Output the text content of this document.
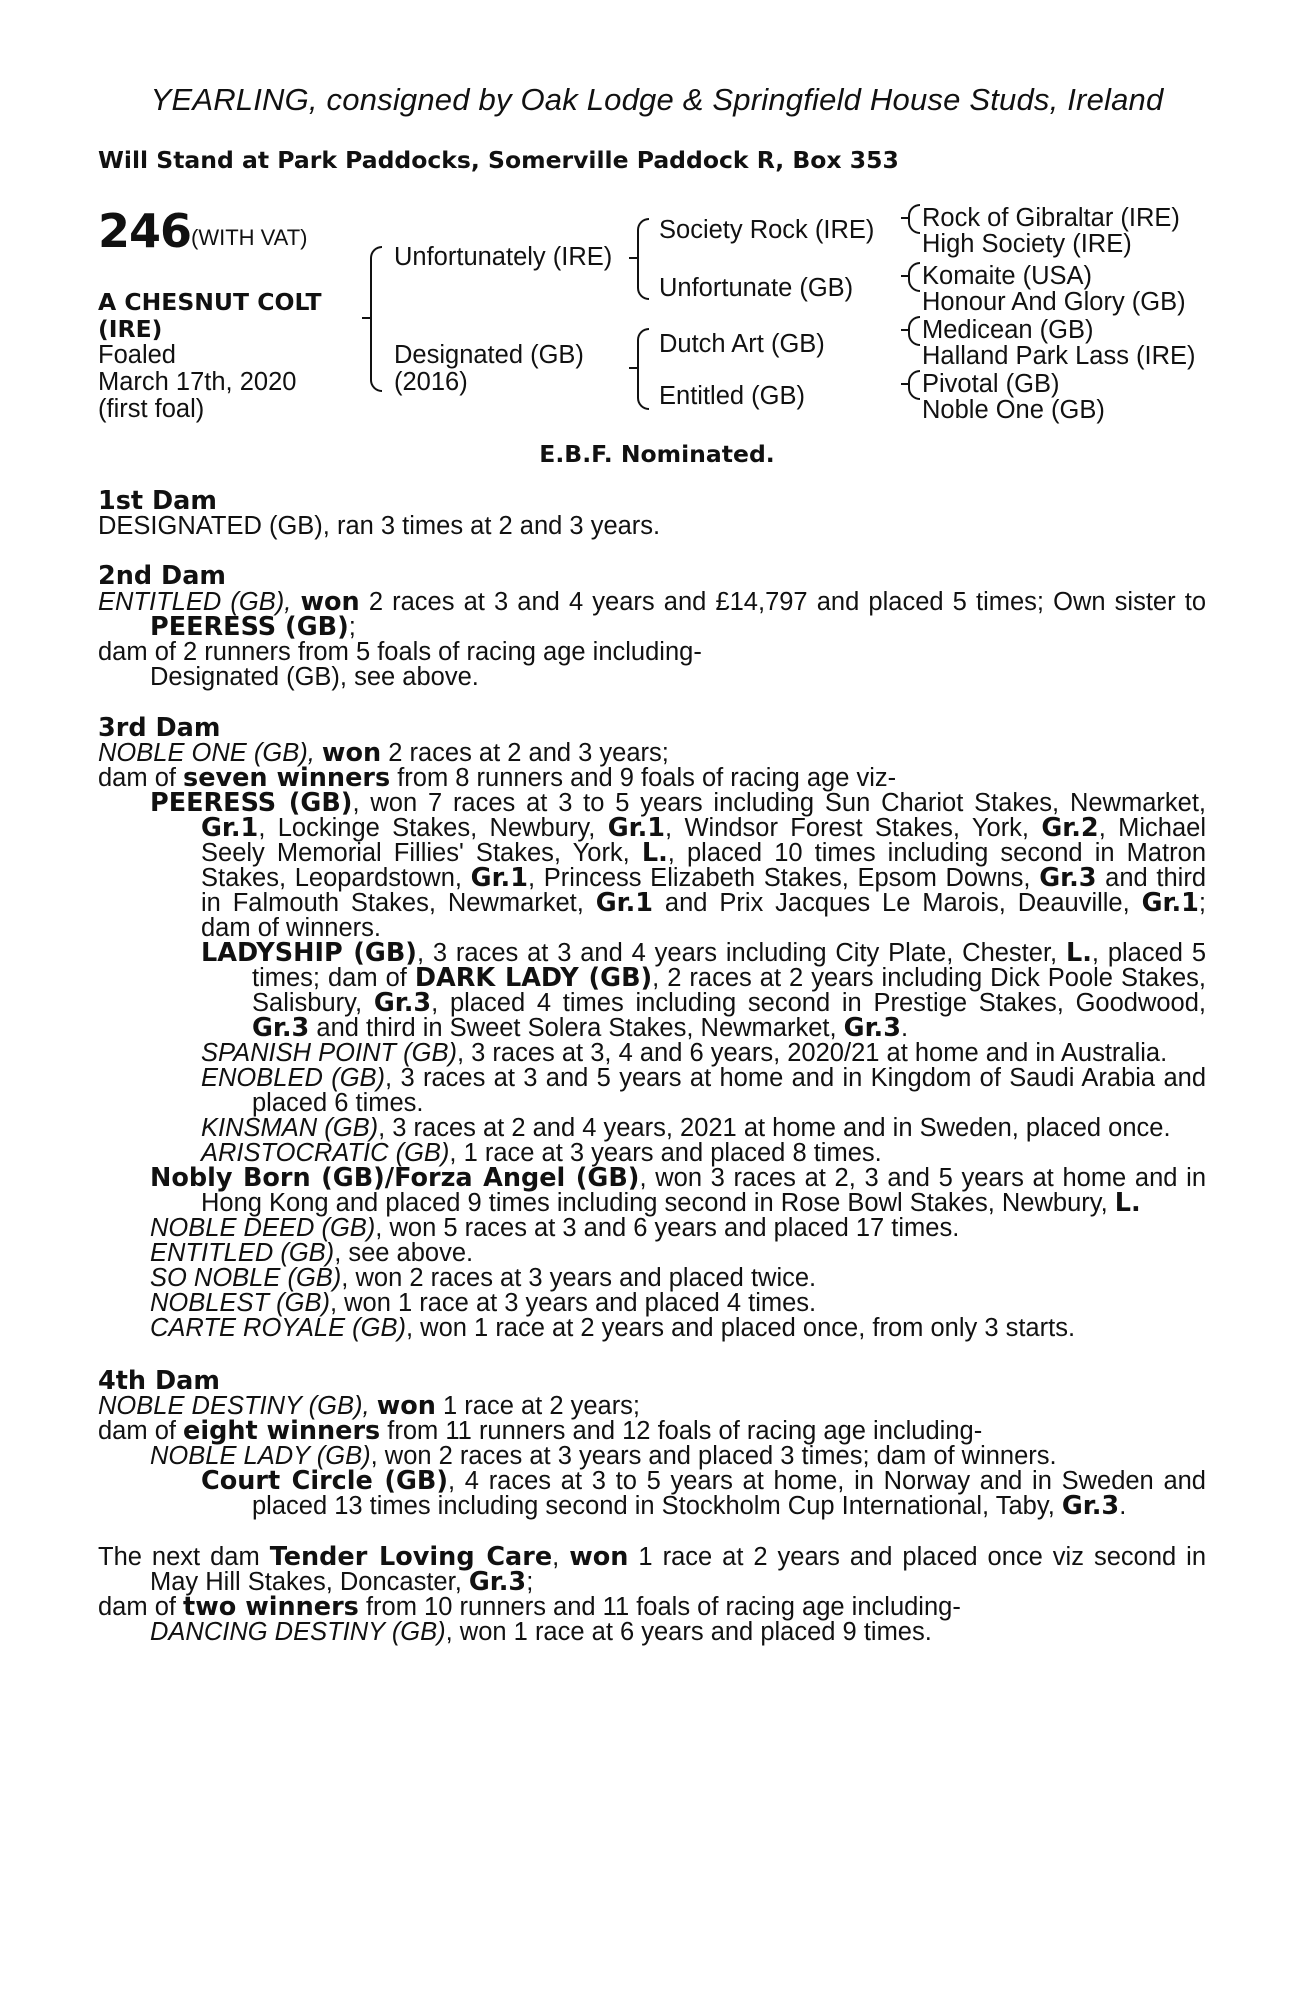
YEARLING, consigned by Oak Lodge & Springfield House Studs, Ireland
Will Stand at Park Paddocks, Somerville Paddock R, Box 353
246 (WITH VAT)
A CHESNUT COLT
(IRE)
Foaled
March 17th, 2020
(first foal)
Unfortunately (IRE)
Designated (GB)
(2016)
Society Rock (IRE)
Unfortunate (GB)
Dutch Art (GB)
Entitled (GB)
Rock of Gibraltar (IRE)
High Society (IRE)
Komaite (USA)
Honour And Glory (GB)
Medicean (GB)
Halland Park Lass (IRE)
Pivotal (GB)
Noble One (GB)
E.B.F. Nominated.
1st Dam
DESIGNATED (GB), ran 3 times at 2 and 3 years.
2nd Dam
ENTITLED (GB), won 2 races at 3 and 4 years and £14,797 and placed 5 times; Own sister to
PEERESS (GB);
dam of 2 runners from 5 foals of racing age including-
Designated (GB), see above.
3rd Dam
NOBLE ONE (GB), won 2 races at 2 and 3 years;
dam of seven winners from 8 runners and 9 foals of racing age viz-
PEERESS (GB), won 7 races at 3 to 5 years including Sun Chariot Stakes, Newmarket,
Gr.1, Lockinge Stakes, Newbury, Gr.1, Windsor Forest Stakes, York, Gr.2, Michael
Seely Memorial Fillies' Stakes, York, L., placed 10 times including second in Matron
Stakes, Leopardstown, Gr.1, Princess Elizabeth Stakes, Epsom Downs, Gr.3 and third
in Falmouth Stakes, Newmarket, Gr.1 and Prix Jacques Le Marois, Deauville, Gr.1;
dam of winners.
LADYSHIP (GB), 3 races at 3 and 4 years including City Plate, Chester, L., placed 5
times; dam of DARK LADY (GB), 2 races at 2 years including Dick Poole Stakes,
Salisbury, Gr.3, placed 4 times including second in Prestige Stakes, Goodwood,
Gr.3 and third in Sweet Solera Stakes, Newmarket, Gr.3.
SPANISH POINT (GB), 3 races at 3, 4 and 6 years, 2020/21 at home and in Australia.
ENOBLED (GB), 3 races at 3 and 5 years at home and in Kingdom of Saudi Arabia and
placed 6 times.
KINSMAN (GB), 3 races at 2 and 4 years, 2021 at home and in Sweden, placed once.
ARISTOCRATIC (GB), 1 race at 3 years and placed 8 times.
Nobly Born (GB)/Forza Angel (GB), won 3 races at 2, 3 and 5 years at home and in
Hong Kong and placed 9 times including second in Rose Bowl Stakes, Newbury, L.
NOBLE DEED (GB), won 5 races at 3 and 6 years and placed 17 times.
ENTITLED (GB), see above.
SO NOBLE (GB), won 2 races at 3 years and placed twice.
NOBLEST (GB), won 1 race at 3 years and placed 4 times.
CARTE ROYALE (GB), won 1 race at 2 years and placed once, from only 3 starts.
4th Dam
NOBLE DESTINY (GB), won 1 race at 2 years;
dam of eight winners from 11 runners and 12 foals of racing age including-
NOBLE LADY (GB), won 2 races at 3 years and placed 3 times; dam of winners.
Court Circle (GB), 4 races at 3 to 5 years at home, in Norway and in Sweden and
placed 13 times including second in Stockholm Cup International, Taby, Gr.3.
The next dam Tender Loving Care, won 1 race at 2 years and placed once viz second in
May Hill Stakes, Doncaster, Gr.3;
dam of two winners from 10 runners and 11 foals of racing age including-
DANCING DESTINY (GB), won 1 race at 6 years and placed 9 times.
